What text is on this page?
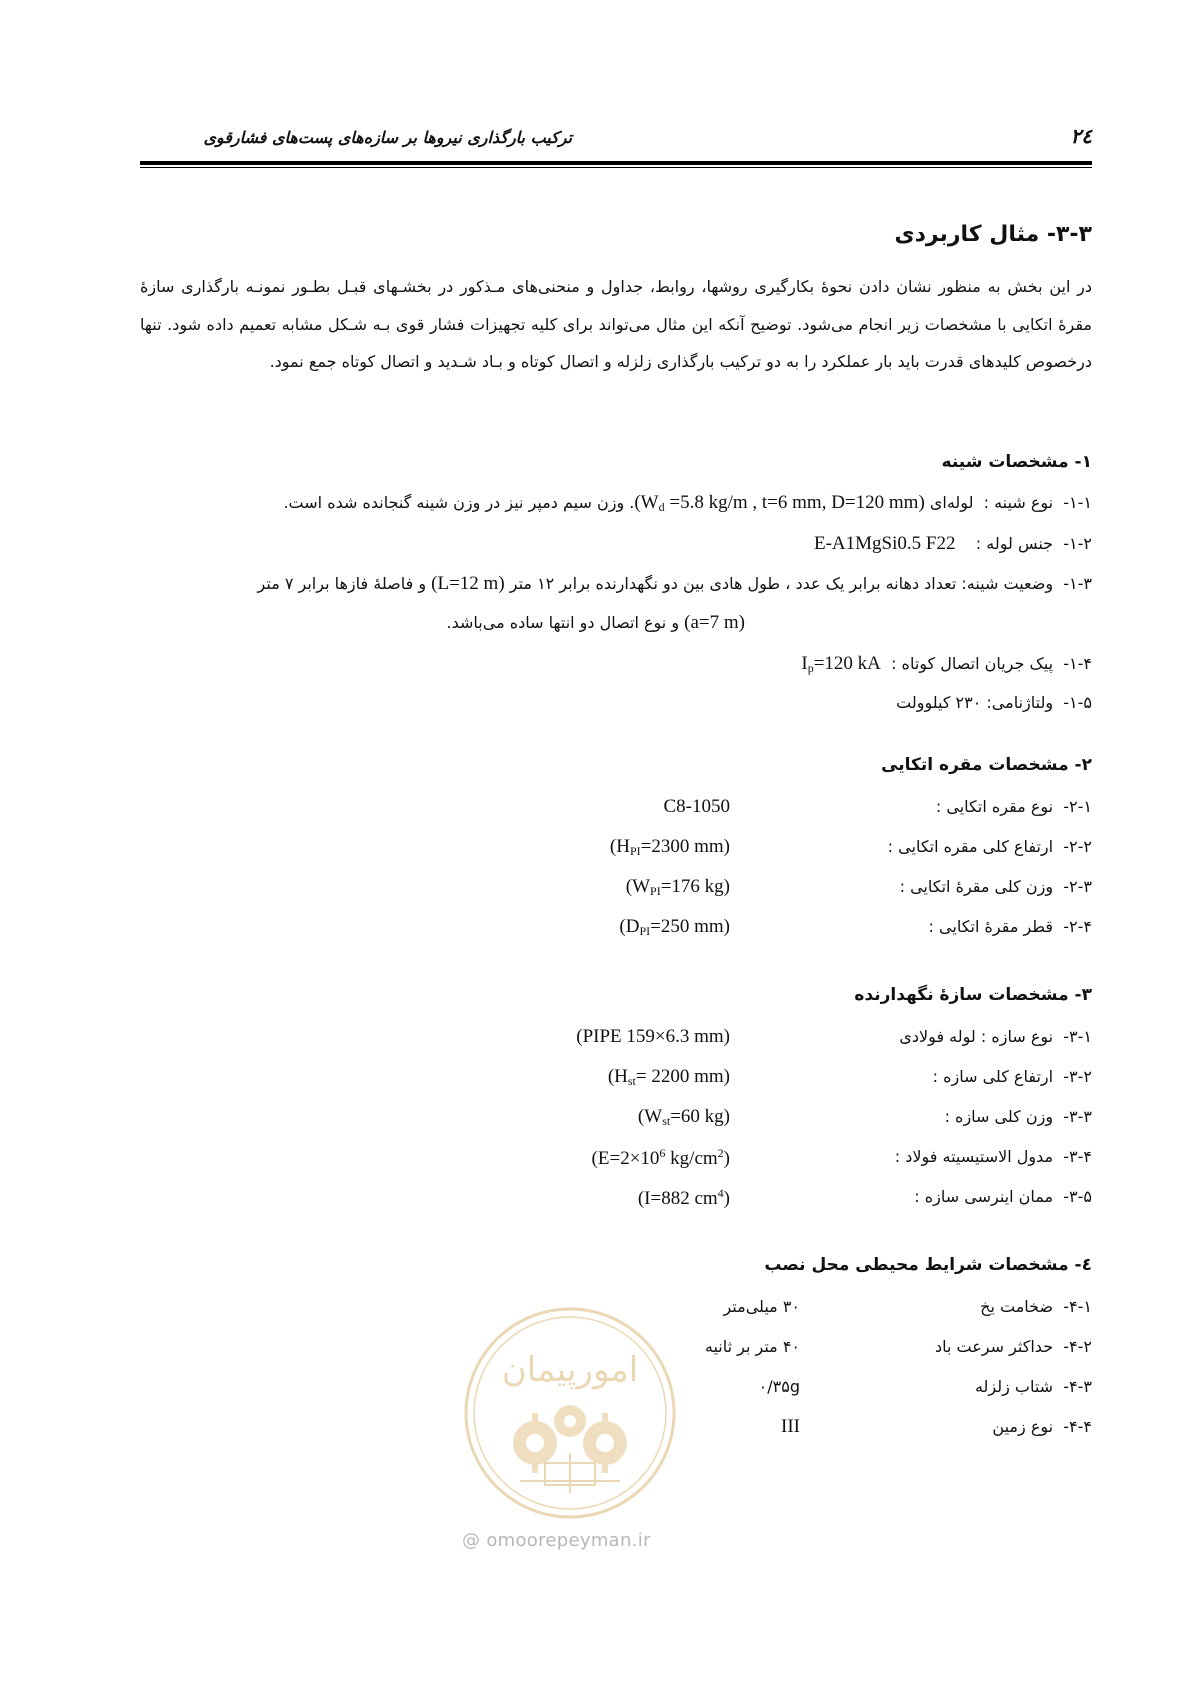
۲٤
ترکیب بارگذاری نیروها بر سازه‌های پست‌های فشارقوی
۳-۳- مثال کاربردی
در این بخش به منظور نشان دادن نحوۀ بکارگیری روشها، روابط، جداول و منحنی‌های مـذکور در بخشـهای قبـل بطـور نمونـه بارگذاری سازۀ مقرۀ اتکایی با مشخصات زیر انجام می‌شود. توضیح آنکه این مثال می‌تواند برای کلیه تجهیزات فشار قوی بـه شـکل مشابه تعمیم داده شود. تنها درخصوص کلیدهای قدرت باید بار عملکرد را به دو ترکیب بارگذاری زلزله و اتصال کوتاه و بـاد شـدید و اتصال کوتاه جمع نمود.
۱- مشخصات شینه
۱-۱-  نوع شینه :  لوله‌ای ($W_d =5.8$ kg/m , t=6 mm, D=120 mm). وزن سیم دمپر نیز در وزن شینه گنجانده شده است.
۱-۲-  جنس لوله :    E-A1MgSi0.5 F22
۱-۳-  وضعیت شینه: تعداد دهانه برابر یک عدد ، طول هادی بین دو نگهدارنده برابر ۱۲ متر (L=12 m) و فاصلۀ فازها برابر ۷ متر
(a=7 m) و نوع اتصال دو انتها ساده می‌باشد.
۱-۴-  پیک جریان اتصال کوتاه :  $I_p=120$ kA
۱-۵-  ولتاژنامی: ۲۳۰ کیلوولت
۲- مشخصات مقره اتکایی
۲-۱-  نوع مقره اتکایی :
C8-1050
۲-۲-  ارتفاع کلی مقره اتکایی :
($H_{PI}=2300$ mm)
۲-۳-  وزن کلی مقرۀ اتکایی :
($W_{PI}=176$ kg)
۲-۴-  قطر مقرۀ اتکایی :
($D_{PI}=250$ mm)
۳- مشخصات سازۀ نگهدارنده
۳-۱-  نوع سازه : لوله فولادی
(PIPE 159×6.3 mm)
۳-۲-  ارتفاع کلی سازه :
($H_{st}= 2200$ mm)
۳-۳-  وزن کلی سازه :
($W_{st}=60$ kg)
۳-۴-  مدول الاستیسیته فولاد :
($E=2\times 10^6$ $kg/cm^2$)
۳-۵-  ممان اینرسی سازه :
(I=882 $cm^4$)
٤- مشخصات شرایط محیطی محل نصب
۴-۱-  ضخامت یخ
۳۰ میلی‌متر
۴-۲-  حداکثر سرعت باد
۴۰ متر بر ثانیه
۴-۳-  شتاب زلزله
۰/۳۵g
۴-۴-  نوع زمین
III
امورپیمان
@ omoorepeyman.ir
